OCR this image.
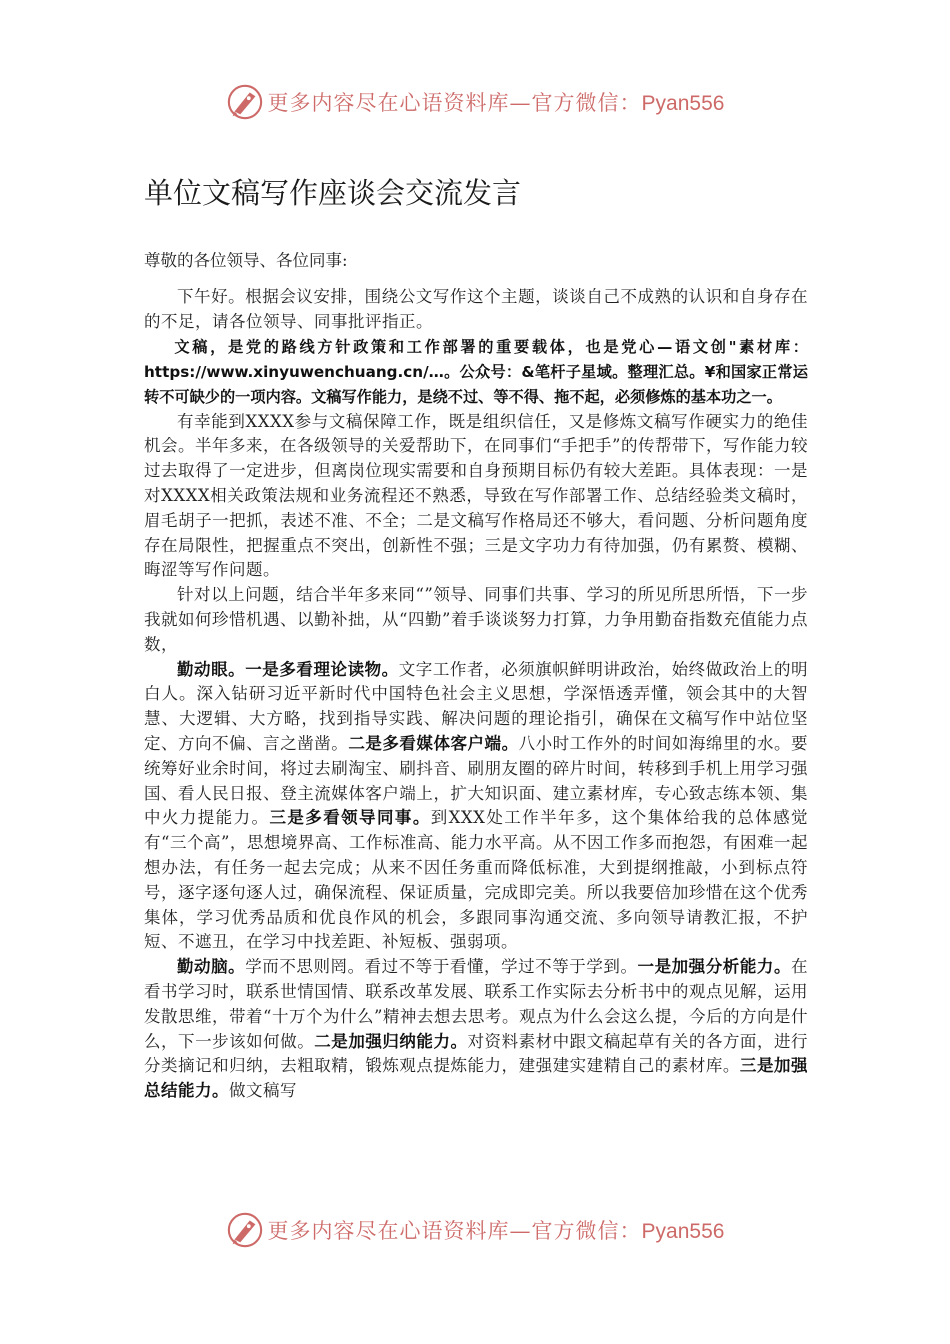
更多内容尽在心语资料库—官方微信：Pyan556
单位文稿写作座谈会交流发言
尊敬的各位领导、各位同事:

下午好。根据会议安排，围绕公文写作这个主题，谈谈自己不成熟的认识和自身存在的不足，请各位领导、同事批评指正。

文稿，是党的路线方针政策和工作部署的重要载体，也是党心—语文创"素材库：https://www.xinyuwenchuang.cn/…。公众号：&笔杆子星域。整理汇总。¥和国家正常运转不可缺少的一项内容。文稿写作能力，是绕不过、等不得、拖不起，必须修炼的基本功之一。

有幸能到XXXX参与文稿保障工作，既是组织信任，又是修炼文稿写作硬实力的绝佳机会。半年多来，在各级领导的关爱帮助下，在同事们“手把手”的传帮带下，写作能力较过去取得了一定进步，但离岗位现实需要和自身预期目标仍有较大差距。具体表现：一是对XXXX相关政策法规和业务流程还不熟悉，导致在写作部署工作、总结经验类文稿时，眉毛胡子一把抓，表述不准、不全；二是文稿写作格局还不够大，看问题、分析问题角度存在局限性，把握重点不突出，创新性不强；三是文字功力有待加强，仍有累赘、模糊、晦涩等写作问题。

针对以上问题，结合半年多来同“”领导、同事们共事、学习的所见所思所悟，下一步我就如何珍惜机遇、以勤补拙，从“四勤”着手谈谈努力打算，力争用勤奋指数充值能力点数，

勤动眼。一是多看理论读物。文字工作者，必须旗帜鲜明讲政治，始终做政治上的明白人。深入钻研习近平新时代中国特色社会主义思想，学深悟透弄懂，领会其中的大智慧、大逻辑、大方略，找到指导实践、解决问题的理论指引，确保在文稿写作中站位坚定、方向不偏、言之凿凿。二是多看媒体客户端。八小时工作外的时间如海绵里的水。要统筹好业余时间，将过去刷淘宝、刷抖音、刷朋友圈的碎片时间，转移到手机上用学习强国、看人民日报、登主流媒体客户端上，扩大知识面、建立素材库，专心致志练本领、集中火力提能力。三是多看领导同事。到XXX处工作半年多，这个集体给我的总体感觉有“三个高”，思想境界高、工作标准高、能力水平高。从不因工作多而抱怨，有困难一起想办法，有任务一起去完成；从来不因任务重而降低标准，大到提纲推敲，小到标点符号，逐字逐句逐人过，确保流程、保证质量，完成即完美。所以我要倍加珍惜在这个优秀集体，学习优秀品质和优良作风的机会，多跟同事沟通交流、多向领导请教汇报，不护短、不遮丑，在学习中找差距、补短板、强弱项。

勤动脑。学而不思则罔。看过不等于看懂，学过不等于学到。一是加强分析能力。在看书学习时，联系世情国情、联系改革发展、联系工作实际去分析书中的观点见解，运用发散思维，带着“十万个为什么”精神去想去思考。观点为什么会这么提，今后的方向是什么，下一步该如何做。二是加强归纳能力。对资料素材中跟文稿起草有关的各方面，进行分类摘记和归纳，去粗取精，锻炼观点提炼能力，建强建实建精自己的素材库。三是加强总结能力。做文稿写

更多内容尽在心语资料库—官方微信：Pyan556
